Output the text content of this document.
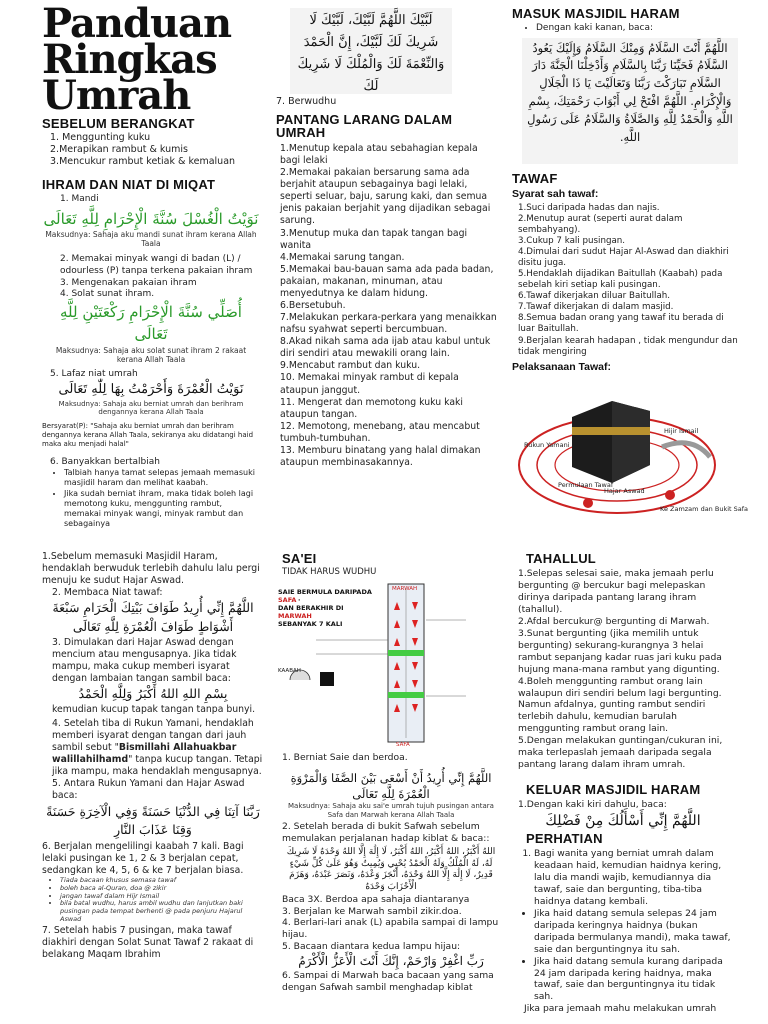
Panduan
Ringkas
Umrah
SEBELUM BERANGKAT
1. Menggunting kuku
2.Merapikan rambut & kumis
3.Mencukur rambut ketiak & kemaluan
IHRAM DAN NIAT DI MIQAT
1. Mandi
نَوَيْتُ الْغُسْلَ سُنَّةَ الْإِحْرَامِ لِلَّهِ تَعَالَى
Maksudnya: Sahaja aku mandi sunat ihram kerana Allah Taala
2. Memakai minyak wangi di badan (L) / odourless (P) tanpa terkena pakaian ihram
3. Mengenakan pakaian ihram
4. Solat sunat ihram.
أُصَلِّي سُنَّةَ الْإِحْرَامِ رَكْعَتَيْنِ لِلَّهِ تَعَالَى
Maksudnya: Sahaja aku solat sunat ihram 2 rakaat kerana Allah Taala
5. Lafaz niat umrah
نَوَيْتُ الْعُمْرَةَ وَأَحْرَمْتُ بِهَا لِلّٰهِ تَعَالَى
Maksudnya: Sahaja aku berniat umrah dan berihram dengannya kerana Allah Taala
Bersyarat(P): "Sahaja aku berniat umrah dan berihram dengannya kerana Allah Taala, sekiranya aku didatangi haid maka aku menjadi halal"
6. Banyakkan bertalbiah
• Talbiah hanya tamat selepas jemaah memasuki masjidil haram dan melihat kaabah.
• Jika sudah berniat ihram, maka tidak boleh lagi memotong kuku, menggunting rambut, memakai minyak wangi, minyak rambut dan sebagainya
لَبَّيْكَ اللَّهُمَّ لَبَّيْكَ، لَبَّيْكَ لَا شَرِيكَ لَكَ لَبَّيْكَ، إِنَّ الْحَمْدَ وَالنِّعْمَةَ لَكَ وَالْمُلْكَ لَا شَرِيكَ لَكَ
7. Berwudhu
PANTANG LARANG DALAM UMRAH
1.Menutup kepala atau sebahagian kepala bagi lelaki
2.Memakai pakaian bersarung sama ada berjahit ataupun sebagainya bagi lelaki, seperti seluar, baju, sarung kaki, dan semua jenis pakaian berjahit yang dijadikan sebagai sarung.
3.Menutup muka dan tapak tangan bagi wanita
4.Memakai sarung tangan.
5.Memakai bau-bauan sama ada pada badan, pakaian, makanan, minuman, atau menyedutnya ke dalam hidung.
6.Bersetubuh.
7.Melakukan perkara-perkara yang menaikkan nafsu syahwat seperti bercumbuan.
8.Akad nikah sama ada ijab atau kabul untuk diri sendiri atau mewakili orang lain.
9.Mencabut rambut dan kuku.
10. Memakai minyak rambut di kepala ataupun janggut.
11. Mengerat dan memotong kuku kaki ataupun tangan.
12. Memotong, menebang, atau mencabut tumbuh-tumbuhan.
13. Memburu binatang yang halal dimakan ataupun membinasakannya.
MASUK MASJIDIL HARAM
• Dengan kaki kanan, baca:
اللَّهُمَّ أَنْتَ السَّلَامُ وَمِنْكَ السَّلَامُ وَإِلَيْكَ يَعُودُ السَّلَامُ فَحَيِّنَا رَبَّنَا بِالسَّلَامِ وَأَدْخِلْنَا الْجَنَّةَ دَارَ السَّلَامِ تَبَارَكْتَ رَبَّنَا وَتَعَالَيْتَ يَا ذَا الْجَلَالِ وَالْإِكْرَامِ. اللَّهُمَّ افْتَحْ لِي أَبْوَابَ رَحْمَتِكَ، بِسْمِ اللَّهِ وَالْحَمْدُ لِلَّهِ وَالصَّلَاةُ وَالسَّلَامُ عَلَى رَسُولِ اللَّهِ.
TAWAF
Syarat sah tawaf:
1.Suci daripada hadas dan najis.
2.Menutup aurat (seperti aurat dalam sembahyang).
3.Cukup 7 kali pusingan.
4.Dimulai dari sudut Hajar Al-Aswad dan diakhiri disitu juga.
5.Hendaklah dijadikan Baitullah (Kaabah) pada sebelah kiri setiap kali pusingan.
6.Tawaf dikerjakan diluar Baitullah.
7.Tawaf dikerjakan di dalam masjid.
8.Semua badan orang yang tawaf itu berada di luar Baitullah.
9.Berjalan kearah hadapan , tidak mengundur dan tidak mengiring
Pelaksanaan Tawaf:
Rukun Yamani
Hijir Ismail
Hajar Aswad
Permulaan Tawaf
Ke Zamzam dan Bukit Safa
1.Sebelum memasuki Masjidil Haram, hendaklah berwuduk terlebih dahulu lalu pergi menuju ke sudut Hajar Aswad.
2. Membaca Niat tawaf:
اللَّهُمَّ إِنِّي أُرِيدُ طَوَافَ بَيْتِكَ الْحَرَامِ سَبْعَةَ أَشْوَاطٍ طَوَافَ الْعُمْرَةِ لِلَّهِ تَعَالَى
3. Dimulakan dari Hajar Aswad dengan mencium atau mengusapnya. Jika tidak mampu, maka cukup memberi isyarat dengan lambaian tangan sambil baca:
بِسْمِ اللهِ اللهُ أَكْبَرُ وَلِلَّهِ الْحَمْدُ
kemudian kucup tapak tangan tanpa bunyi.
4. Setelah tiba di Rukun Yamani, hendaklah memberi isyarat dengan tangan dari jauh sambil sebut "Bismillahi Allahuakbar walillahilhamd" tanpa kucup tangan. Tetapi jika mampu, maka hendaklah mengusapnya.
5. Antara Rukun Yamani dan Hajar Aswad baca:
رَبَّنَا آتِنَا فِي الدُّنْيَا حَسَنَةً وَفِي الْآخِرَةِ حَسَنَةً وَقِنَا عَذَابَ النَّارِ
6. Berjalan mengelilingi kaabah 7 kali. Bagi lelaki pusingan ke 1, 2 & 3 berjalan cepat, sedangkan ke 4, 5, 6 & ke 7 berjalan biasa.
• Tiada bacaan khusus semasa tawaf
• boleh baca al-Quran, doa @ zikir
• jangan tawaf dalam Hijr Ismail
• bila batal wudhu, harus ambil wudhu dan lanjutkan baki pusingan pada tempat berhenti @ pada penjuru Hajarul Aswad
7. Setelah habis 7 pusingan, maka tawaf diakhiri dengan Solat Sunat Tawaf 2 rakaat di belakang Maqam Ibrahim
SA'EI
TIDAK HARUS WUDHU
SAIE BERMULA DARIPADA
SAFA ·
DAN BERAKHIR DI
MARWAH
SEBANYAK 7 KALI
MARWAH
SAFA
KAABAH
1. Berniat Saie dan berdoa.
اللَّهُمَّ إِنِّي أُرِيدُ أَنْ أَسْعَى بَيْنَ الصَّفَا وَالْمَرْوَةِ الْعُمْرَةَ لِلَّهِ تَعَالَى
Maksudnya: Sahaja aku sai'e umrah tujuh pusingan antara Safa dan Marwah kerana Allah Taala
2. Setelah berada di bukit Safwah sebelum memulakan perjalanan hadap kiblat & baca::
اللهُ أَكْبَرُ، اللهُ أَكْبَرُ، اللهُ أَكْبَرُ، لَا إِلَٰهَ إِلَّا اللهُ وَحْدَهُ لَا شَرِيكَ لَهُ، لَهُ الْمُلْكُ وَلَهُ الْحَمْدُ يُحْيِي وَيُمِيتُ وَهُوَ عَلَىٰ كُلِّ شَيْءٍ قَدِيرٌ، لَا إِلَٰهَ إِلَّا اللهُ وَحْدَهُ، أَنْجَزَ وَعْدَهُ، وَنَصَرَ عَبْدَهُ، وَهَزَمَ الْأَحْزَابَ وَحْدَهُ
Baca 3X. Berdoa apa sahaja diantaranya
3. Berjalan ke Marwah sambil zikir.doa.
4. Berlari-lari anak (L) apabila sampai di lampu hijau.
5. Bacaan diantara kedua lampu hijau:
رَبِّ اغْفِرْ وَارْحَمْ، إِنَّكَ أَنْتَ الْأَعَزُّ الْأَكْرَمُ
6. Sampai di Marwah baca bacaan yang sama dengan Safwah sambil menghadap kiblat
TAHALLUL
1.Selepas selesai saie, maka jemaah perlu bergunting @ bercukur bagi melepaskan dirinya daripada pantang larang ihram (tahallul).
2.Afdal bercukur@ bergunting di Marwah.
3.Sunat bergunting (jika memilih untuk bergunting) sekurang-kurangnya 3 helai rambut sepanjang kadar ruas jari kuku pada hujung mana-mana rambut yang digunting.
4.Boleh menggunting rambut orang lain walaupun diri sendiri belum lagi bergunting. Namun afdalnya, gunting rambut sendiri terlebih dahulu, kemudian barulah menggunting rambut orang lain.
5.Dengan melakukan guntingan/cukuran ini, maka terlepaslah jemaah daripada segala pantang larang dalam ihram umrah.
KELUAR MASJIDIL HARAM
1.Dengan kaki kiri dahulu, baca:
اللَّهُمَّ إِنِّي أَسْأَلُكَ مِنْ فَضْلِكَ
PERHATIAN
1. Bagi wanita yang berniat umrah dalam keadaan haid, kemudian haidnya kering, lalu dia mandi wajib, kemudiannya dia tawaf, saie dan bergunting, tiba-tiba haidnya datang kembali.
• Jika haid datang semula selepas 24 jam daripada keringnya haidnya (bukan daripada bermulanya mandi), maka tawaf, saie dan berguntingnya itu sah.
• Jika haid datang semula kurang daripada 24 jam daripada kering haidnya, maka tawaf, saie dan berguntingnya itu tidak sah.
Jika para jemaah mahu melakukan umrah
